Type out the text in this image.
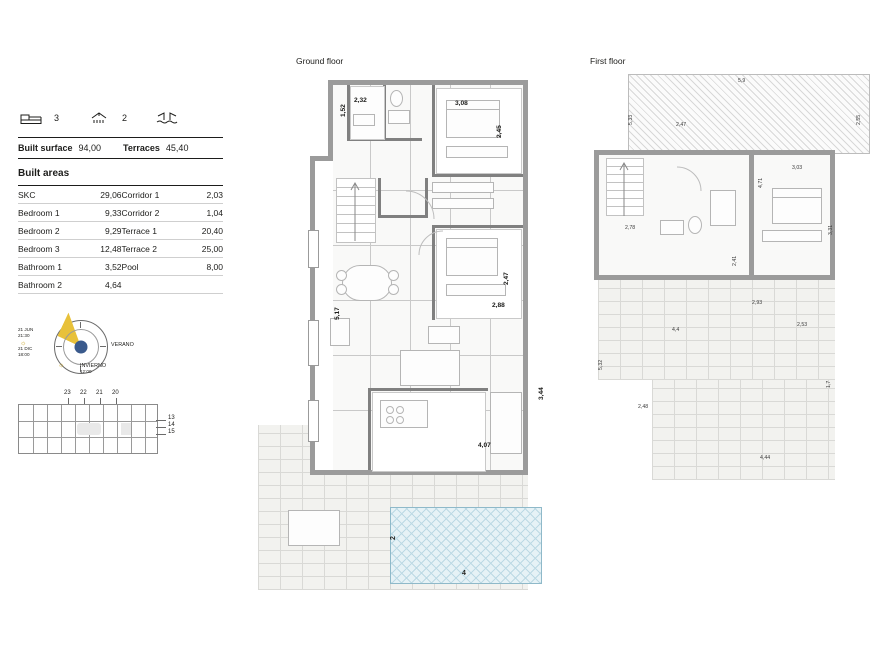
3	2
Built surface 94,00 Terraces 45,40
Built areas
SKC	29,06	Corridor 1	2,03
Bedroom 1	9,33	Corridor 2	1,04
Bedroom 2	9,29	Terrace 1	20,40
Bedroom 3	12,48	Terrace 2	25,00
Bathroom 1	3,52	Pool	8,00
Bathroom 2	4,64		
21 JUN
21:30
☼
21 DIC
18:00
VERANO
INVIERNO
12:00
☼
23 22 21 20
13
14
15
Ground floor
1,52
2,32	3,08
2,45
5,17
2,47
2,88
3,44
4,07
2
4
First floor
5,9
2,47	2,55
5,33
3,03
4,71
2,78
2,41
3,31
2,93
2,53
4,4
5,32
2,48
1,7
4,44
